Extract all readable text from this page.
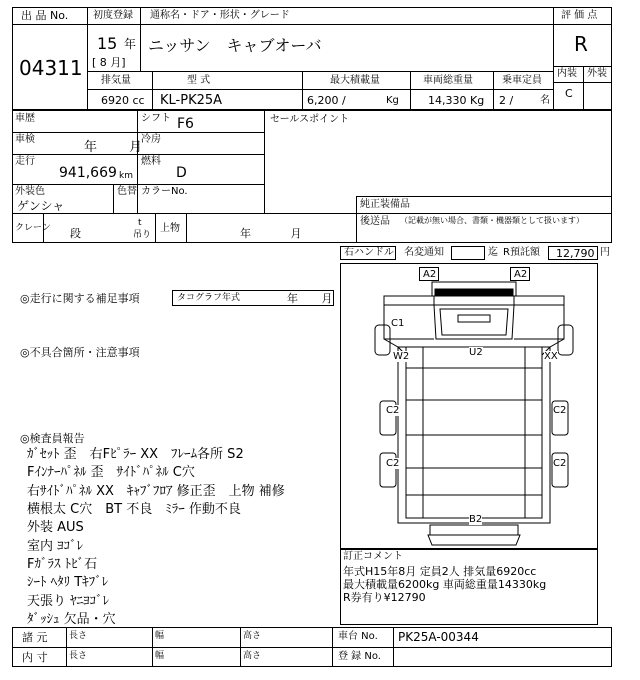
出 品 No.
04311
初度登録
15 年
[ 8 月]
通称名・ドア・形状・グレード
ニッサン　キャブオーバ
評 価 点
R
内装 外装
C
排気量
6920 cc
型 式
KL-PK25A
最大積載量
6,200 /	Kg
車両総重量
14,330 Kg
乗車定員
2 /	名
車歴	シフト F6	セールスポイント
車検
年 月
冷房
走行
941,669 km
燃料
D
外装色
ゲンシャ
色替 カラーNo.
純正装備品
後送品 （記載が無い場合、書類・機器類として扱います）
クレーン 段
t
吊り
上物	年 月
右ハンドル 名変通知	迄 R預託額 12,790 円
◎走行に関する補足事項	タコグラフ年式	年 月
◎不具合箇所・注意事項
◎検査員報告
ｶﾞｾｯﾄ 歪　右Fﾋﾟﾗｰ XX　ﾌﾚｰﾑ各所 S2
Fｲﾝﾅｰﾊﾟﾈﾙ 歪　ｻｲﾄﾞﾊﾟﾈﾙ C穴
右ｻｲﾄﾞﾊﾟﾈﾙ XX　ｷｬﾌﾞﾌﾛｱ 修正歪　上物 補修
横根太 C穴　BT 不良　ﾐﾗｰ 作動不良
外装 AUS
室内 ﾖｺﾞﾚ
Fｶﾞﾗｽ ﾄﾋﾞ石
ｼｰﾄ ﾍﾀﾘ Tｷﾌﾞﾚ
天張り ﾔﾆﾖｺﾞﾚ
ﾀﾞｯｼｭ 欠品・穴
A2	A2
C1
W2	U2	XX
C2	C2
C2	C2
B2
訂正コメント
年式H15年8月 定員2人 排気量6920cc
最大積載量6200kg 車両総重量14330kg
R券有り¥12790
諸 元
内 寸
長さ	幅	高さ
長さ	幅	高さ
車台 No. PK25A-00344
登 録 No.
